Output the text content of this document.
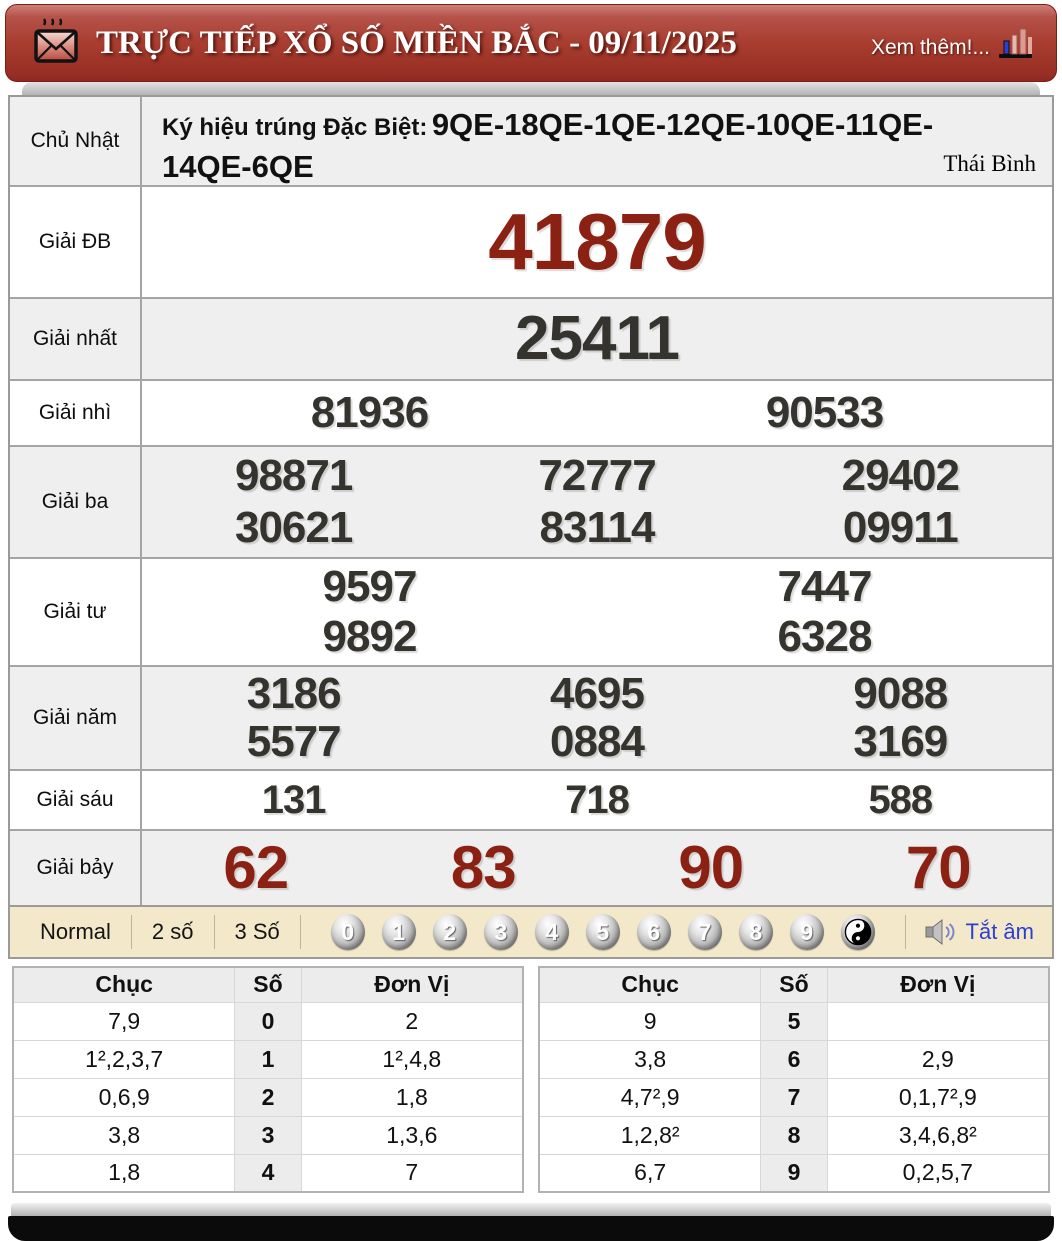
TRỰC TIẾP XỔ SỐ MIỀN BẮC - 09/11/2025	Xem thêm!...
Chủ Nhật	Ký hiệu trúng Đặc Biệt: 9QE-18QE-1QE-12QE-10QE-11QE-
14QE-6QE	Thái Bình
Giải ĐB	41879
Giải nhất	25411
Giải nhì	81936	90533
Giải ba
98871	72777	29402
30621	83114	09911
Giải tư
9597	7447
9892	6328
Giải năm	3186	4695	9088
5577	0884	3169
Giải sáu	131	718	588
Giải bảy	62	83	90	70
Normal	2 số	3 Số	0	1	2	3	4	5	6	7	8	9	Tắt âm
Chục	Số	Đơn Vị
7,9	0	2
1²,2,3,7	1	1²,4,8
0,6,9	2	1,8
3,8	3	1,3,6
1,8	4	7
Chục	Số	Đơn Vị
9	5	
3,8	6	2,9
4,7²,9	7	0,1,7²,9
1,2,8²	8	3,4,6,8²
6,7	9	0,2,5,7
